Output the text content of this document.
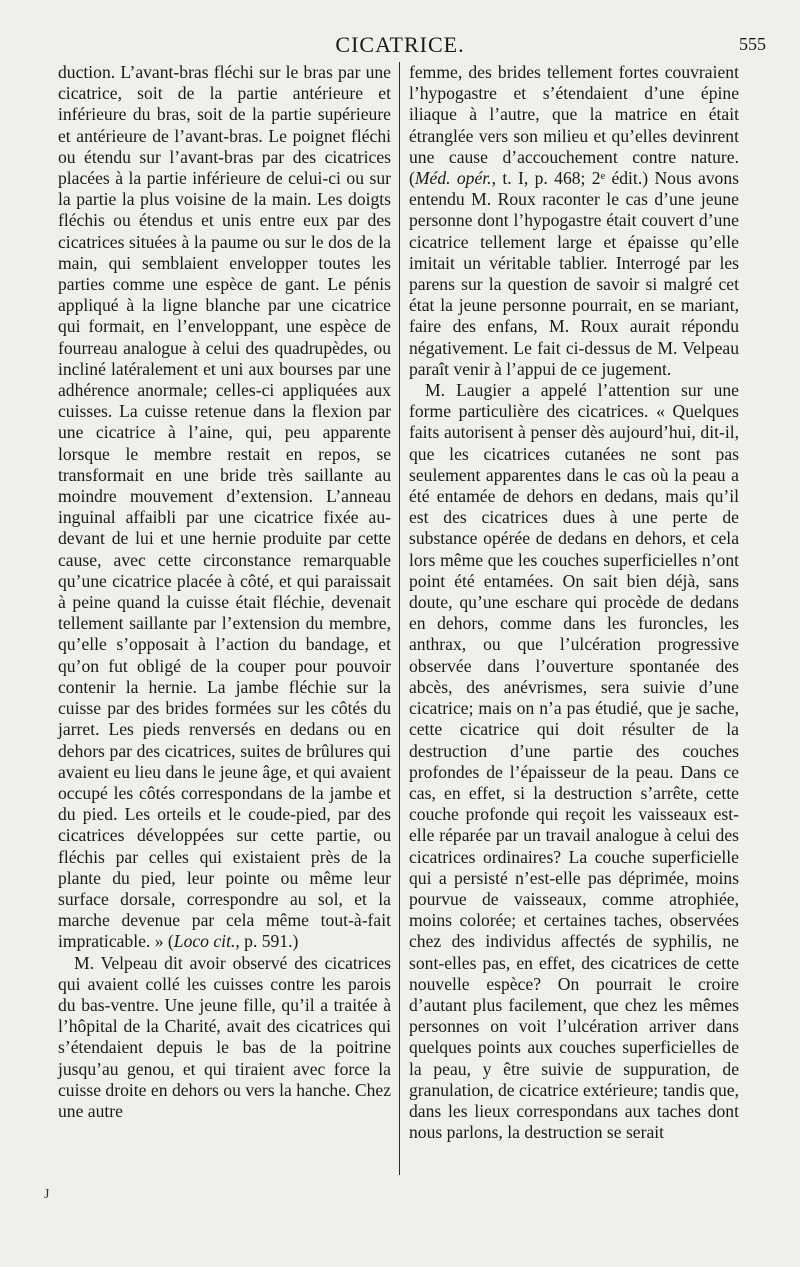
CICATRICE.	555

duction. L’avant-bras fléchi sur le bras par une cicatrice, soit de la partie antérieure et inférieure du bras, soit de la partie supérieure et antérieure de l’avant-bras. Le poignet fléchi ou étendu sur l’avant-bras par des cicatrices placées à la partie inférieure de celui-ci ou sur la partie la plus voisine de la main. Les doigts fléchis ou étendus et unis entre eux par des cicatrices situées à la paume ou sur le dos de la main, qui semblaient envelopper toutes les parties comme une espèce de gant. Le pénis appliqué à la ligne blanche par une cicatrice qui formait, en l’enveloppant, une espèce de fourreau analogue à celui des quadrupèdes, ou incliné latéralement et uni aux bourses par une adhérence anormale; celles-ci appliquées aux cuisses. La cuisse retenue dans la flexion par une cicatrice à l’aine, qui, peu apparente lorsque le membre restait en repos, se transformait en une bride très saillante au moindre mouvement d’extension. L’anneau inguinal affaibli par une cicatrice fixée au-devant de lui et une hernie produite par cette cause, avec cette circonstance remarquable qu’une cicatrice placée à côté, et qui paraissait à peine quand la cuisse était fléchie, devenait tellement saillante par l’extension du membre, qu’elle s’opposait à l’action du bandage, et qu’on fut obligé de la couper pour pouvoir contenir la hernie. La jambe fléchie sur la cuisse par des brides formées sur les côtés du jarret. Les pieds renversés en dedans ou en dehors par des cicatrices, suites de brûlures qui avaient eu lieu dans le jeune âge, et qui avaient occupé les côtés correspondans de la jambe et du pied. Les orteils et le coude-pied, par des cicatrices développées sur cette partie, ou fléchis par celles qui existaient près de la plante du pied, leur pointe ou même leur surface dorsale, correspondre au sol, et la marche devenue par cela même tout-à-fait impraticable. » (Loco cit., p. 591.)

M. Velpeau dit avoir observé des cicatrices qui avaient collé les cuisses contre les parois du bas-ventre. Une jeune fille, qu’il a traitée à l’hôpital de la Charité, avait des cicatrices qui s’étendaient depuis le bas de la poitrine jusqu’au genou, et qui tiraient avec force la cuisse droite en dehors ou vers la hanche. Chez une autre

femme, des brides tellement fortes couvraient l’hypogastre et s’étendaient d’une épine iliaque à l’autre, que la matrice en était étranglée vers son milieu et qu’elles devinrent une cause d’accouchement contre nature. (Méd. opér., t. I, p. 468; 2ᵉ édit.) Nous avons entendu M. Roux raconter le cas d’une jeune personne dont l’hypogastre était couvert d’une cicatrice tellement large et épaisse qu’elle imitait un véritable tablier. Interrogé par les parens sur la question de savoir si malgré cet état la jeune personne pourrait, en se mariant, faire des enfans, M. Roux aurait répondu négativement. Le fait ci-dessus de M. Velpeau paraît venir à l’appui de ce jugement.

M. Laugier a appelé l’attention sur une forme particulière des cicatrices. « Quelques faits autorisent à penser dès aujourd’hui, dit-il, que les cicatrices cutanées ne sont pas seulement apparentes dans le cas où la peau a été entamée de dehors en dedans, mais qu’il est des cicatrices dues à une perte de substance opérée de dedans en dehors, et cela lors même que les couches superficielles n’ont point été entamées. On sait bien déjà, sans doute, qu’une eschare qui procède de dedans en dehors, comme dans les furoncles, les anthrax, ou que l’ulcération progressive observée dans l’ouverture spontanée des abcès, des anévrismes, sera suivie d’une cicatrice; mais on n’a pas étudié, que je sache, cette cicatrice qui doit résulter de la destruction d’une partie des couches profondes de l’épaisseur de la peau. Dans ce cas, en effet, si la destruction s’arrête, cette couche profonde qui reçoit les vaisseaux est-elle réparée par un travail analogue à celui des cicatrices ordinaires? La couche superficielle qui a persisté n’est-elle pas déprimée, moins pourvue de vaisseaux, comme atrophiée, moins colorée; et certaines taches, observées chez des individus affectés de syphilis, ne sont-elles pas, en effet, des cicatrices de cette nouvelle espèce? On pourrait le croire d’autant plus facilement, que chez les mêmes personnes on voit l’ulcération arriver dans quelques points aux couches superficielles de la peau, y être suivie de suppuration, de granulation, de cicatrice extérieure; tandis que, dans les lieux correspondans aux taches dont nous parlons, la destruction se serait

J
